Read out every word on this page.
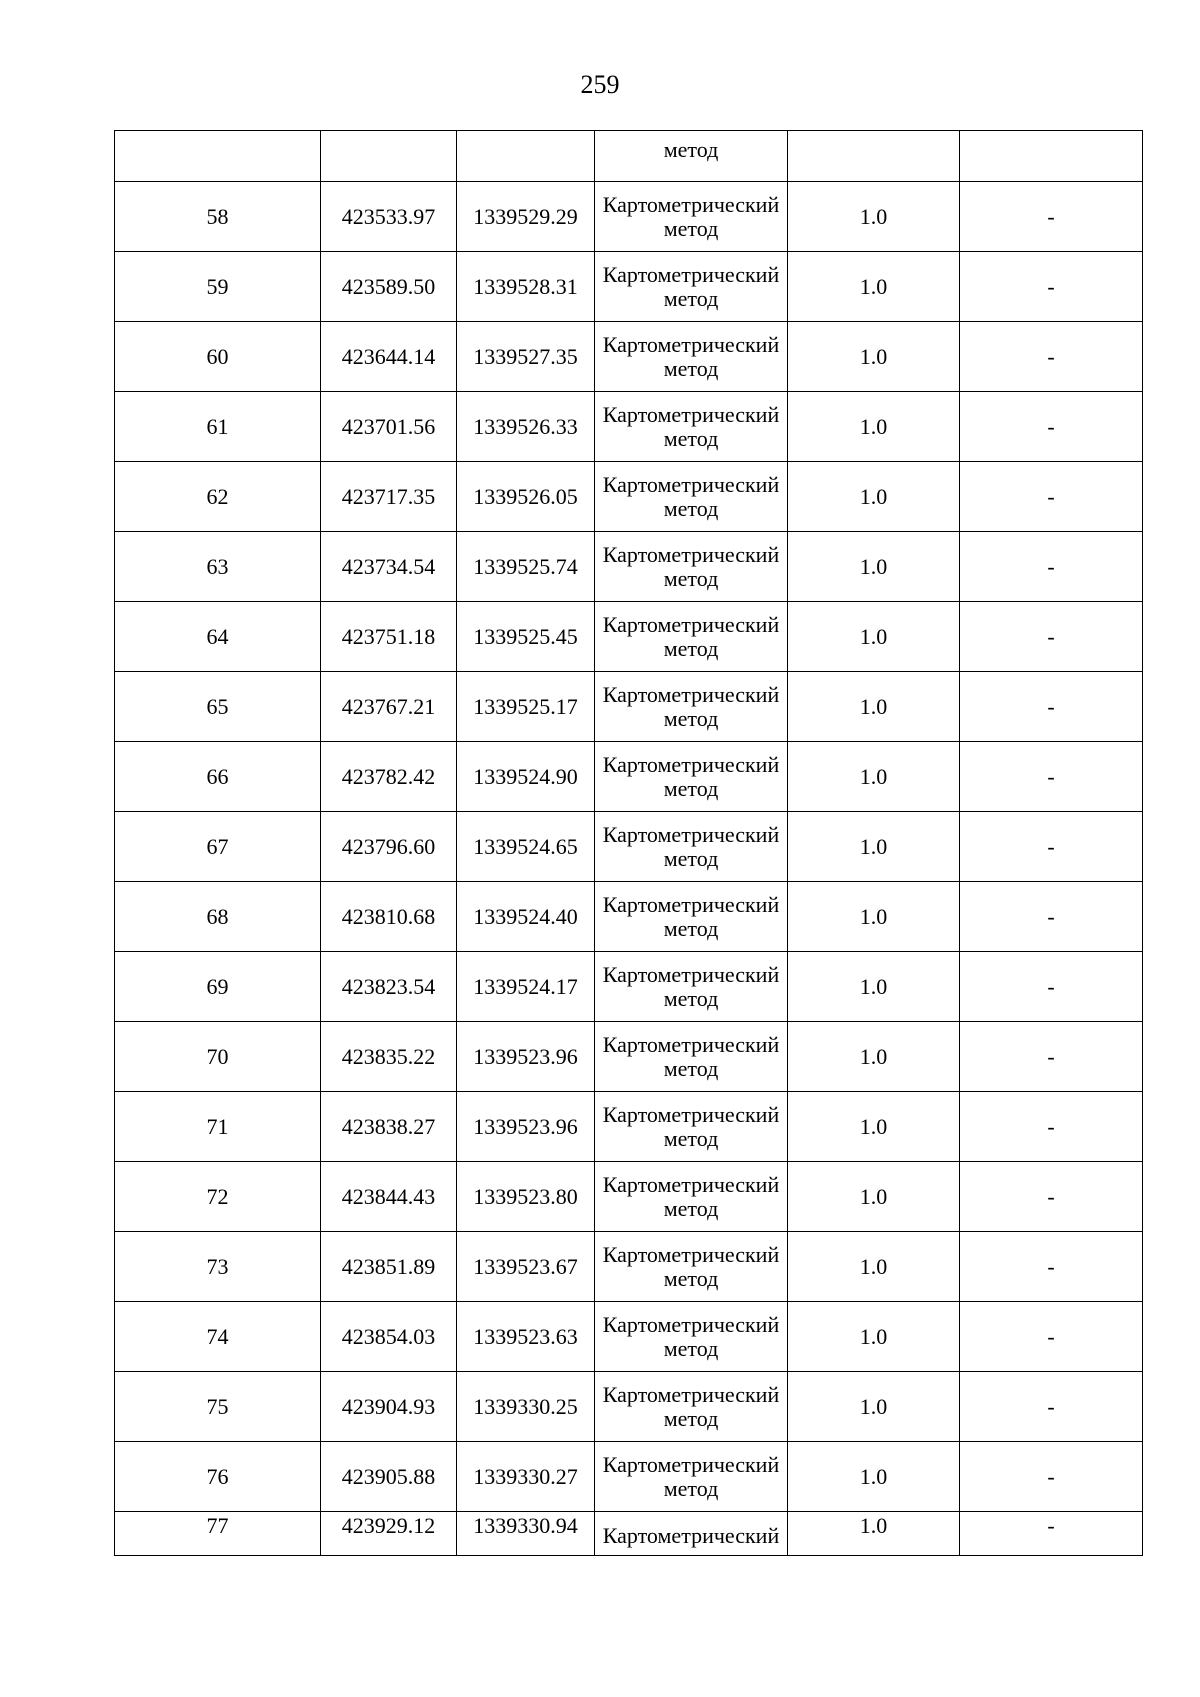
259
			метод		
58	423533.97	1339529.29	Картометрический метод	1.0	-
59	423589.50	1339528.31	Картометрический метод	1.0	-
60	423644.14	1339527.35	Картометрический метод	1.0	-
61	423701.56	1339526.33	Картометрический метод	1.0	-
62	423717.35	1339526.05	Картометрический метод	1.0	-
63	423734.54	1339525.74	Картометрический метод	1.0	-
64	423751.18	1339525.45	Картометрический метод	1.0	-
65	423767.21	1339525.17	Картометрический метод	1.0	-
66	423782.42	1339524.90	Картометрический метод	1.0	-
67	423796.60	1339524.65	Картометрический метод	1.0	-
68	423810.68	1339524.40	Картометрический метод	1.0	-
69	423823.54	1339524.17	Картометрический метод	1.0	-
70	423835.22	1339523.96	Картометрический метод	1.0	-
71	423838.27	1339523.96	Картометрический метод	1.0	-
72	423844.43	1339523.80	Картометрический метод	1.0	-
73	423851.89	1339523.67	Картометрический метод	1.0	-
74	423854.03	1339523.63	Картометрический метод	1.0	-
75	423904.93	1339330.25	Картометрический метод	1.0	-
76	423905.88	1339330.27	Картометрический метод	1.0	-
77	423929.12	1339330.94	Картометрический	1.0	-
